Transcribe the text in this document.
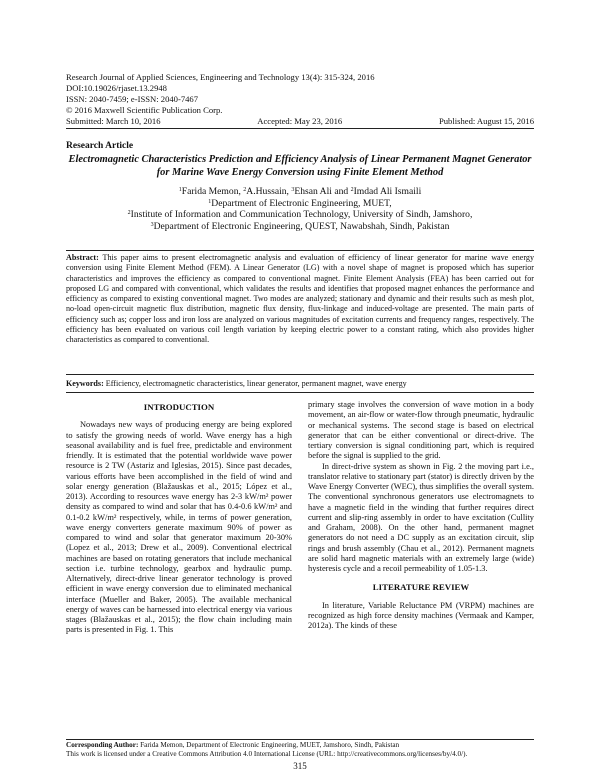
Research Journal of Applied Sciences, Engineering and Technology 13(4): 315-324, 2016
DOI:10.19026/rjaset.13.2948
ISSN: 2040-7459; e-ISSN: 2040-7467
© 2016 Maxwell Scientific Publication Corp.
Submitted: March 10, 2016	Accepted: May 23, 2016	Published: August 15, 2016
Research Article
Electromagnetic Characteristics Prediction and Efficiency Analysis of Linear Permanent Magnet Generator for Marine Wave Energy Conversion using Finite Element Method
$^1$Farida Memon, $^2$A.Hussain, $^3$Ehsan Ali and $^2$Imdad Ali Ismaili
$^1$Department of Electronic Engineering, MUET,
$^2$Institute of Information and Communication Technology, University of Sindh, Jamshoro,
$^3$Department of Electronic Engineering, QUEST, Nawabshah, Sindh, Pakistan
Abstract: This paper aims to present electromagnetic analysis and evaluation of efficiency of linear generator for marine wave energy conversion using Finite Element Method (FEM). A Linear Generator (LG) with a novel shape of magnet is proposed which has superior characteristics and improves the efficiency as compared to conventional magnet. Finite Element Analysis (FEA) has been carried out for proposed LG and compared with conventional, which validates the results and identifies that proposed magnet enhances the performance and efficiency as compared to existing conventional magnet. Two modes are analyzed; stationary and dynamic and their results such as mesh plot, no-load open-circuit magnetic flux distribution, magnetic flux density, flux-linkage and induced-voltage are presented. The main parts of efficiency such as; copper loss and iron loss are analyzed on various magnitudes of excitation currents and frequency ranges, respectively. The efficiency has been evaluated on various coil length variation by keeping electric power to a constant rating, which also provides higher characteristics as compared to conventional.
Keywords: Efficiency, electromagnetic characteristics, linear generator, permanent magnet, wave energy
INTRODUCTION

Nowadays new ways of producing energy are being explored to satisfy the growing needs of world. Wave energy has a high seasonal availability and is fuel free, predictable and environment friendly. It is estimated that the potential worldwide wave power resource is 2 TW (Astariz and Iglesias, 2015). Since past decades, various efforts have been accomplished in the field of wind and solar energy generation (Blažauskas et al., 2015; López et al., 2013). According to resources wave energy has 2-3 kW/m² power density as compared to wind and solar that has 0.4-0.6 kW/m² and 0.1-0.2 kW/m² respectively, while, in terms of power generation, wave energy converters generate maximum 90% of power as compared to wind and solar that generator maximum 20-30% (Lopez et al., 2013; Drew et al., 2009). Conventional electrical machines are based on rotating generators that include mechanical section i.e. turbine technology, gearbox and hydraulic pump. Alternatively, direct-drive linear generator technology is proved efficient in wave energy conversion due to eliminated mechanical interface (Mueller and Baker, 2005). The available mechanical energy of waves can be harnessed into electrical energy via various stages (Blažauskas et al., 2015); the flow chain including main parts is presented in Fig. 1. This

primary stage involves the conversion of wave motion in a body movement, an air-flow or water-flow through pneumatic, hydraulic or mechanical systems. The second stage is based on electrical generator that can be either conventional or direct-drive. The tertiary conversion is signal conditioning part, which is required before the signal is supplied to the grid.

In direct-drive system as shown in Fig. 2 the moving part i.e., translator relative to stationary part (stator) is directly driven by the Wave Energy Converter (WEC), thus simplifies the overall system. The conventional synchronous generators use electromagnets to have a magnetic field in the winding that further requires direct current and slip-ring assembly in order to have excitation (Cullity and Graham, 2008). On the other hand, permanent magnet generators do not need a DC supply as an excitation circuit, slip rings and brush assembly (Chau et al., 2012). Permanent magnets are solid hard magnetic materials with an extremely large (wide) hysteresis cycle and a recoil permeability of 1.05-1.3.

LITERATURE REVIEW

In literature, Variable Reluctance PM (VRPM) machines are recognized as high force density machines (Vermaak and Kamper, 2012a). The kinds of these

Corresponding Author: Farida Memon, Department of Electronic Engineering, MUET, Jamshoro, Sindh, Pakistan
This work is licensed under a Creative Commons Attribution 4.0 International License (URL: http://creativecommons.org/licenses/by/4.0/).
315
